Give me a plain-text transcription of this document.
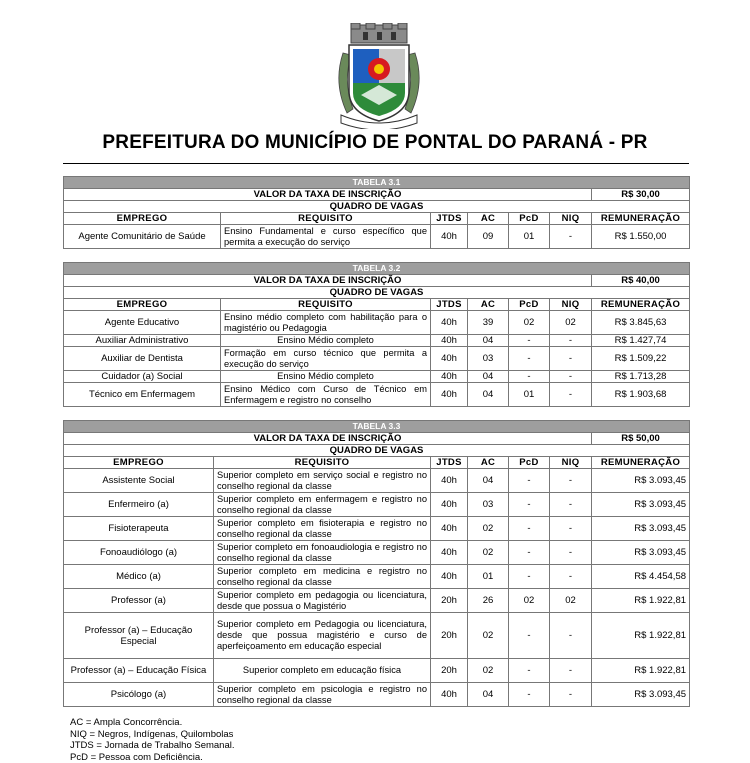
PREFEITURA DO MUNICÍPIO DE PONTAL DO PARANÁ - PR
TABELA 3.1						
VALOR DA TAXA DE INSCRIÇÃO						R$ 30,00
QUADRO DE VAGAS						
EMPREGO	REQUISITO	JTDS	AC	PcD	NIQ	REMUNERAÇÃO
Agente Comunitário de Saúde	Ensino Fundamental e curso específico que permita a execução do serviço	40h	09	01	-	R$ 1.550,00
TABELA 3.2						
VALOR DA TAXA DE INSCRIÇÃO						R$ 40,00
QUADRO DE VAGAS						
EMPREGO	REQUISITO	JTDS	AC	PcD	NIQ	REMUNERAÇÃO
Agente Educativo	Ensino médio completo com habilitação para o magistério ou Pedagogia	40h	39	02	02	R$ 3.845,63
Auxiliar Administrativo	Ensino Médio completo	40h	04	-	-	R$ 1.427,74
Auxiliar de Dentista	Formação em curso técnico que permita a execução do serviço	40h	03	-	-	R$ 1.509,22
Cuidador (a) Social	Ensino Médio completo	40h	04	-	-	R$ 1.713,28
Técnico em Enfermagem	Ensino Médico com Curso de Técnico em Enfermagem e registro no conselho	40h	04	01	-	R$ 1.903,68
TABELA 3.3						
VALOR DA TAXA DE INSCRIÇÃO						R$ 50,00
QUADRO DE VAGAS						
EMPREGO	REQUISITO	JTDS	AC	PcD	NIQ	REMUNERAÇÃO
Assistente Social	Superior completo em serviço social e registro no conselho regional da classe	40h	04	-	-	R$ 3.093,45
Enfermeiro (a)	Superior completo em enfermagem e registro no conselho regional da classe	40h	03	-	-	R$ 3.093,45
Fisioterapeuta	Superior completo em fisioterapia e registro no conselho regional da classe	40h	02	-	-	R$ 3.093,45
Fonoaudiólogo (a)	Superior completo em fonoaudiologia e registro no conselho regional da classe	40h	02	-	-	R$ 3.093,45
Médico (a)	Superior completo em medicina e registro no conselho regional da classe	40h	01	-	-	R$ 4.454,58
Professor (a)	Superior completo em pedagogia ou licenciatura, desde que possua o Magistério	20h	26	02	02	R$ 1.922,81
Professor (a) – Educação Especial	Superior completo em Pedagogia ou licenciatura, desde que possua magistério e curso de aperfeiçoamento em educação especial	20h	02	-	-	R$ 1.922,81
Professor (a) – Educação Física	Superior completo em educação física	20h	02	-	-	R$ 1.922,81
Psicólogo (a)	Superior completo em psicologia e registro no conselho regional da classe	40h	04	-	-	R$ 3.093,45
AC = Ampla Concorrência.
NIQ = Negros, Indígenas, Quilombolas
JTDS = Jornada de Trabalho Semanal.
PcD = Pessoa com Deficiência.
